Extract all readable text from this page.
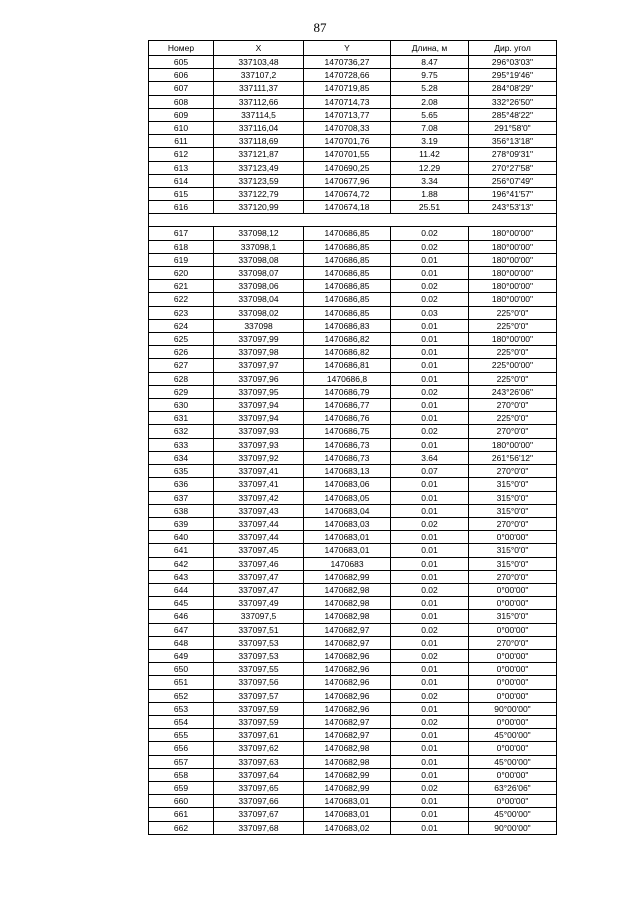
87
Номер	X	Y	Длина, м	Дир. угол
605	337103,48	1470736,27	8.47	296°03'03"
606	337107,2	1470728,66	9.75	295°19'46"
607	337111,37	1470719,85	5.28	284°08'29"
608	337112,66	1470714,73	2.08	332°26'50"
609	337114,5	1470713,77	5.65	285°48'22"
610	337116,04	1470708,33	7.08	291°58'0"
611	337118,69	1470701,76	3.19	356°13'18"
612	337121,87	1470701,55	11.42	278°09'31"
613	337123,49	1470690,25	12.29	270°27'58"
614	337123,59	1470677,96	3.34	256°07'49"
615	337122,79	1470674,72	1.88	196°41'57"
616	337120,99	1470674,18	25.51	243°53'13"

617	337098,12	1470686,85	0.02	180°00'00"
618	337098,1	1470686,85	0.02	180°00'00"
619	337098,08	1470686,85	0.01	180°00'00"
620	337098,07	1470686,85	0.01	180°00'00"
621	337098,06	1470686,85	0.02	180°00'00"
622	337098,04	1470686,85	0.02	180°00'00"
623	337098,02	1470686,85	0.03	225°0'0"
624	337098	1470686,83	0.01	225°0'0"
625	337097,99	1470686,82	0.01	180°00'00"
626	337097,98	1470686,82	0.01	225°0'0"
627	337097,97	1470686,81	0.01	225°00'00"
628	337097,96	1470686,8	0.01	225°0'0"
629	337097,95	1470686,79	0.02	243°26'06"
630	337097,94	1470686,77	0.01	270°0'0"
631	337097,94	1470686,76	0.01	225°0'0"
632	337097,93	1470686,75	0.02	270°0'0"
633	337097,93	1470686,73	0.01	180°00'00"
634	337097,92	1470686,73	3.64	261°56'12"
635	337097,41	1470683,13	0.07	270°0'0"
636	337097,41	1470683,06	0.01	315°0'0"
637	337097,42	1470683,05	0.01	315°0'0"
638	337097,43	1470683,04	0.01	315°0'0"
639	337097,44	1470683,03	0.02	270°0'0"
640	337097,44	1470683,01	0.01	0°00'00"
641	337097,45	1470683,01	0.01	315°0'0"
642	337097,46	1470683	0.01	315°0'0"
643	337097,47	1470682,99	0.01	270°0'0"
644	337097,47	1470682,98	0.02	0°00'00"
645	337097,49	1470682,98	0.01	0°00'00"
646	337097,5	1470682,98	0.01	315°0'0"
647	337097,51	1470682,97	0.02	0°00'00"
648	337097,53	1470682,97	0.01	270°0'0"
649	337097,53	1470682,96	0.02	0°00'00"
650	337097,55	1470682,96	0.01	0°00'00"
651	337097,56	1470682,96	0.01	0°00'00"
652	337097,57	1470682,96	0.02	0°00'00"
653	337097,59	1470682,96	0.01	90°00'00"
654	337097,59	1470682,97	0.02	0°00'00"
655	337097,61	1470682,97	0.01	45°00'00"
656	337097,62	1470682,98	0.01	0°00'00"
657	337097,63	1470682,98	0.01	45°00'00"
658	337097,64	1470682,99	0.01	0°00'00"
659	337097,65	1470682,99	0.02	63°26'06"
660	337097,66	1470683,01	0.01	0°00'00"
661	337097,67	1470683,01	0.01	45°00'00"
662	337097,68	1470683,02	0.01	90°00'00"
